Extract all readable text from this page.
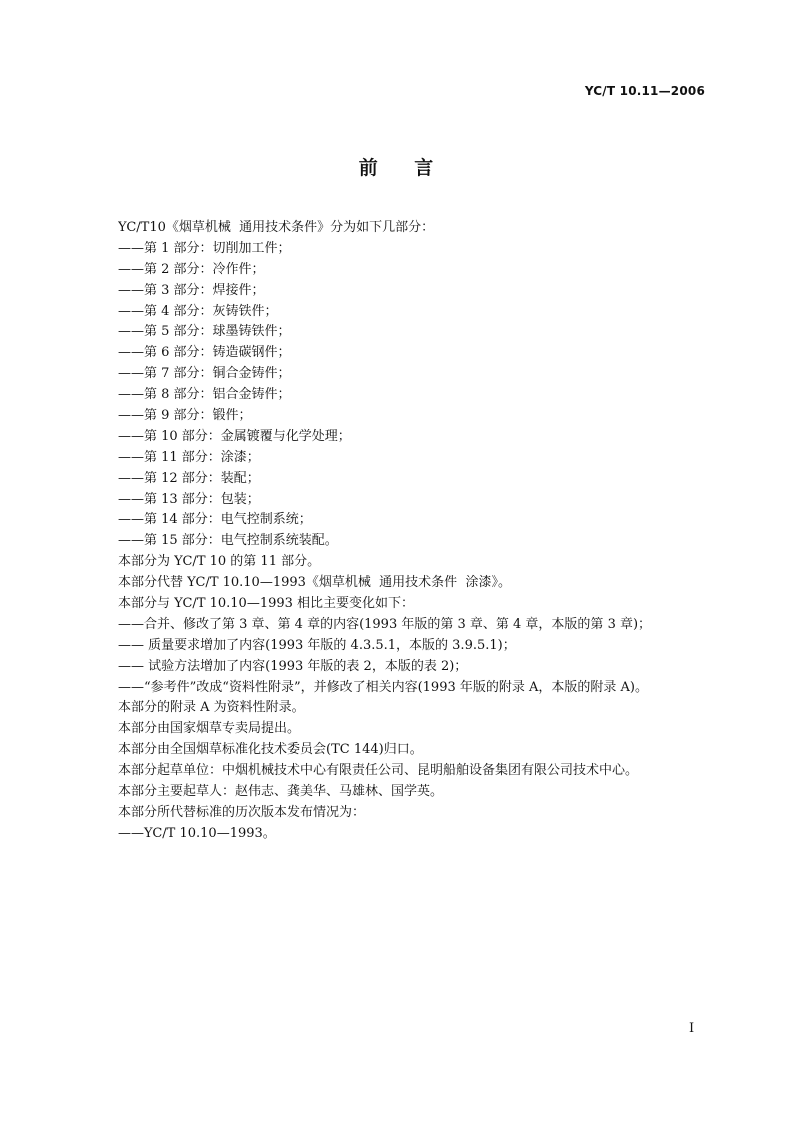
YC/T 10.11—2006
前    言
YC/T10《烟草机械  通用技术条件》分为如下几部分：
——第 1 部分：切削加工件；
——第 2 部分：冷作件；
——第 3 部分：焊接件；
——第 4 部分：灰铸铁件；
——第 5 部分：球墨铸铁件；
——第 6 部分：铸造碳钢件；
——第 7 部分：铜合金铸件；
——第 8 部分：铝合金铸件；
——第 9 部分：锻件；
——第 10 部分：金属镀覆与化学处理；
——第 11 部分：涂漆；
——第 12 部分：装配；
——第 13 部分：包装；
——第 14 部分：电气控制系统；
——第 15 部分：电气控制系统装配。
本部分为 YC/T 10 的第 11 部分。
本部分代替 YC/T 10.10—1993《烟草机械  通用技术条件  涂漆》。
本部分与 YC/T 10.10—1993 相比主要变化如下：
——合并、修改了第 3 章、第 4 章的内容(1993 年版的第 3 章、第 4 章，本版的第 3 章)；
—— 质量要求增加了内容(1993 年版的 4.3.5.1，本版的 3.9.5.1)；
—— 试验方法增加了内容(1993 年版的表 2，本版的表 2)；
——“参考件”改成“资料性附录”，并修改了相关内容(1993 年版的附录 A，本版的附录 A)。
本部分的附录 A 为资料性附录。
本部分由国家烟草专卖局提出。
本部分由全国烟草标准化技术委员会(TC 144)归口。
本部分起草单位：中烟机械技术中心有限责任公司、昆明船舶设备集团有限公司技术中心。
本部分主要起草人：赵伟志、龚美华、马雄林、国学英。
本部分所代替标准的历次版本发布情况为：
——YC/T 10.10—1993。
I
